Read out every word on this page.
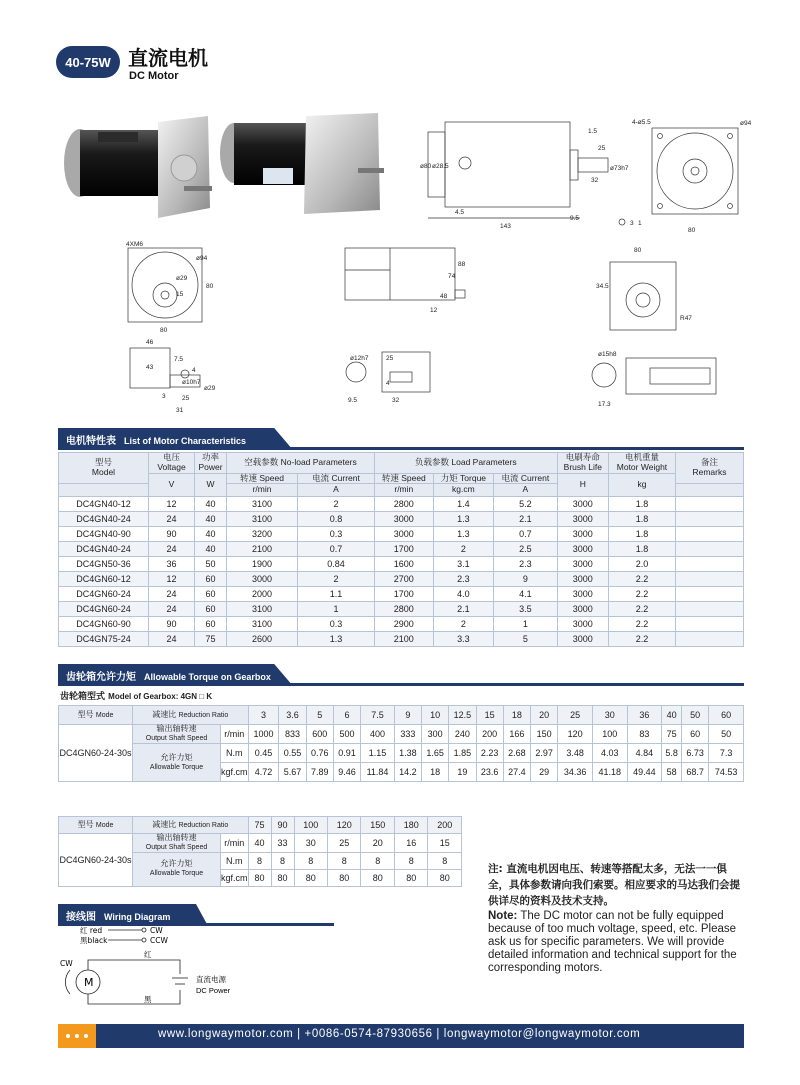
40-75W 直流电机
DC Motor
1.5
25
32
4.5
143
9.5
ø80 ø28.5	ø73h7
4-ø5.5	ø94
80
3 1
4XM6
ø94
ø29
15
80
80
88
74
48
12
80
34.5
R47
46
43
7.5
4
ø10h7
3	25
31
ø29
ø12h7	25
4
9.5	32
ø15h8
17.3
电机特性表 List of Motor Characteristics
型号
Model	电压
Voltage	功率
Power	空载参数 No-load Parameters		负载参数 Load Parameters			电刷寿命
Brush Life	电机重量
Motor Weight	备注
Remarks
	V	W	转速 Speed	电流 Current	转速 Speed	力矩 Torque	电流 Current	H	kg	
			r/min	A	r/min	kg.cm	A			
DC4GN40-12	12	40	3100	2	2800	1.4	5.2	3000	1.8	
DC4GN40-24	24	40	3100	0.8	3000	1.3	2.1	3000	1.8	
DC4GN40-90	90	40	3200	0.3	3000	1.3	0.7	3000	1.8	
DC4GN40-24	24	40	2100	0.7	1700	2	2.5	3000	1.8	
DC4GN50-36	36	50	1900	0.84	1600	3.1	2.3	3000	2.0	
DC4GN60-12	12	60	3000	2	2700	2.3	9	3000	2.2	
DC4GN60-24	24	60	2000	1.1	1700	4.0	4.1	3000	2.2	
DC4GN60-24	24	60	3100	1	2800	2.1	3.5	3000	2.2	
DC4GN60-90	90	60	3100	0.3	2900	2	1	3000	2.2	
DC4GN75-24	24	75	2600	1.3	2100	3.3	5	3000	2.2	
齿轮箱允许力矩 Allowable Torque on Gearbox
齿轮箱型式 Model of Gearbox: 4GN □ K
型号 Mode	减速比 Reduction Ratio		3	3.6	5	6	7.5	9	10	12.5	15	18	20	25	30	36	40	50	60
DC4GN60-24-30s	输出轴转速
Output Shaft Speed	r/min	1000	833	600	500	400	333	300	240	200	166	150	120	100	83	75	60	50
	允许力矩
Allowable Torque	N.m	0.45	0.55	0.76	0.91	1.15	1.38	1.65	1.85	2.23	2.68	2.97	3.48	4.03	4.84	5.8	6.73	7.3
		kgf.cm	4.72	5.67	7.89	9.46	11.84	14.2	18	19	23.6	27.4	29	34.36	41.18	49.44	58	68.7	74.53
型号 Mode	减速比 Reduction Ratio		75	90	100	120	150	180	200
DC4GN60-24-30s	输出轴转速
Output Shaft Speed	r/min	40	33	30	25	20	16	15
	允许力矩
Allowable Torque	N.m	8	8	8	8	8	8	8
		kgf.cm	80	80	80	80	80	80	80
接线图 Wiring Diagram
红 red
黑black
CW
CCW
M
CW
红
黑
直流电源
DC Power
注: 直流电机因电压、转速等搭配太多，无法一一俱全，具体参数请向我们索要。相应要求的马达我们会提供详尽的资料及技术支持。
Note: The DC motor can not be fully equipped because of too much voltage, speed, etc. Please ask us for specific parameters. We will provide detailed information and technical support for the corresponding motors.
www.longwaymotor.com | +0086-0574-87930656 | longwaymotor@longwaymotor.com
